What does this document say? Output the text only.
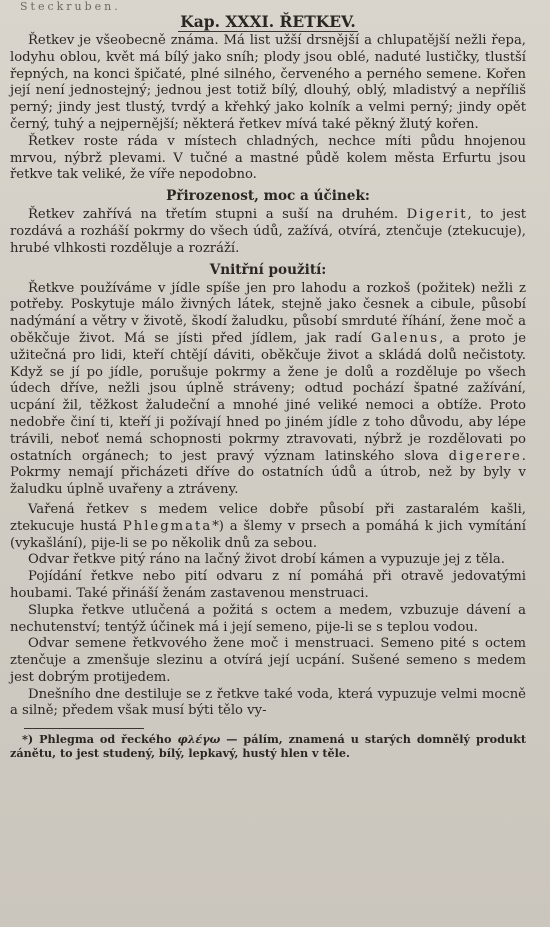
Steckruben.
Kap. XXXI. ŘETKEV.

Řetkev je všeobecně známa. Má list užší drsnější a chlupatější nežli řepa, lodyhu oblou, květ má bílý jako sníh; plody jsou oblé, naduté lustičky, tlustší řepných, na konci špičaté, plné silného, červeného a perného semene. Kořen její není jednostejný; jednou jest totiž bílý, dlouhý, oblý, mladistvý a nepříliš perný; jindy jest tlustý, tvrdý a křehký jako kolník a velmi perný; jindy opět černý, tuhý a nejpernější; některá řetkev mívá také pěkný žlutý kořen.

Řetkev roste ráda v místech chladných, nechce míti půdu hnojenou mrvou, nýbrž plevami. V tučné a mastné půdě kolem města Erfurtu jsou řetkve tak veliké, že víře nepodobno.

Přirozenost, moc a účinek:

Řetkev zahřívá na třetím stupni a suší na druhém. Digerit, to jest rozdává a rozháší pokrmy do všech údů, zažívá, otvírá, ztenčuje (ztekucuje), hrubé vlhkosti rozděluje a rozráží.

Vnitřní použití:

Řetkve používáme v jídle spíše jen pro lahodu a rozkoš (požitek) nežli z potřeby. Poskytuje málo živných látek, stejně jako česnek a cibule, působí nadýmání a větry v životě, škodí žaludku, působí smrduté říhání, žene moč a oběkčuje život. Má se jísti před jídlem, jak radí Galenus, a proto je užitečná pro lidi, kteří chtějí dáviti, oběkčuje život a skládá dolů nečistoty. Když se jí po jídle, porušuje pokrmy a žene je dolů a rozděluje po všech údech dříve, nežli jsou úplně stráveny; odtud pochází špatné zažívání, ucpání žil, těžkost žaludeční a mnohé jiné veliké nemoci a obtíže. Proto nedobře činí ti, kteří ji požívají hned po jiném jídle z toho důvodu, aby lépe trávili, neboť nemá schopnosti pokrmy ztravovati, nýbrž je rozdělovati po ostatních orgánech; to jest pravý význam latinského slova digerere. Pokrmy nemají přicházeti dříve do ostatních údů a útrob, než by byly v žaludku úplně uvařeny a ztráveny.

Vařená řetkev s medem velice dobře působí při zastaralém kašli, ztekucuje hustá Phlegmata*) a šlemy v prsech a pomáhá k jich vymítání (vykašlání), pije-li se po několik dnů za sebou.

Odvar řetkve pitý ráno na lačný život drobí kámen a vypuzuje jej z těla.

Pojídání řetkve nebo pití odvaru z ní pomáhá při otravě jedovatými houbami. Také přináší ženám zastavenou menstruaci.

Slupka řetkve utlučená a požitá s octem a medem, vzbuzuje dávení a nechutenství; tentýž účinek má i její semeno, pije-li se s teplou vodou.

Odvar semene řetkvového žene moč i menstruaci. Semeno pité s octem ztenčuje a zmenšuje slezinu a otvírá její ucpání. Sušené semeno s medem jest dobrým protijedem.

Dnešního dne destiluje se z řetkve také voda, která vypuzuje velmi mocně a silně; předem však musí býti tělo vy-

*) Phlegma od řeckého φλέγω — pálím, znamená u starých domnělý produkt zánětu, to jest studený, bílý, lepkavý, hustý hlen v těle.
